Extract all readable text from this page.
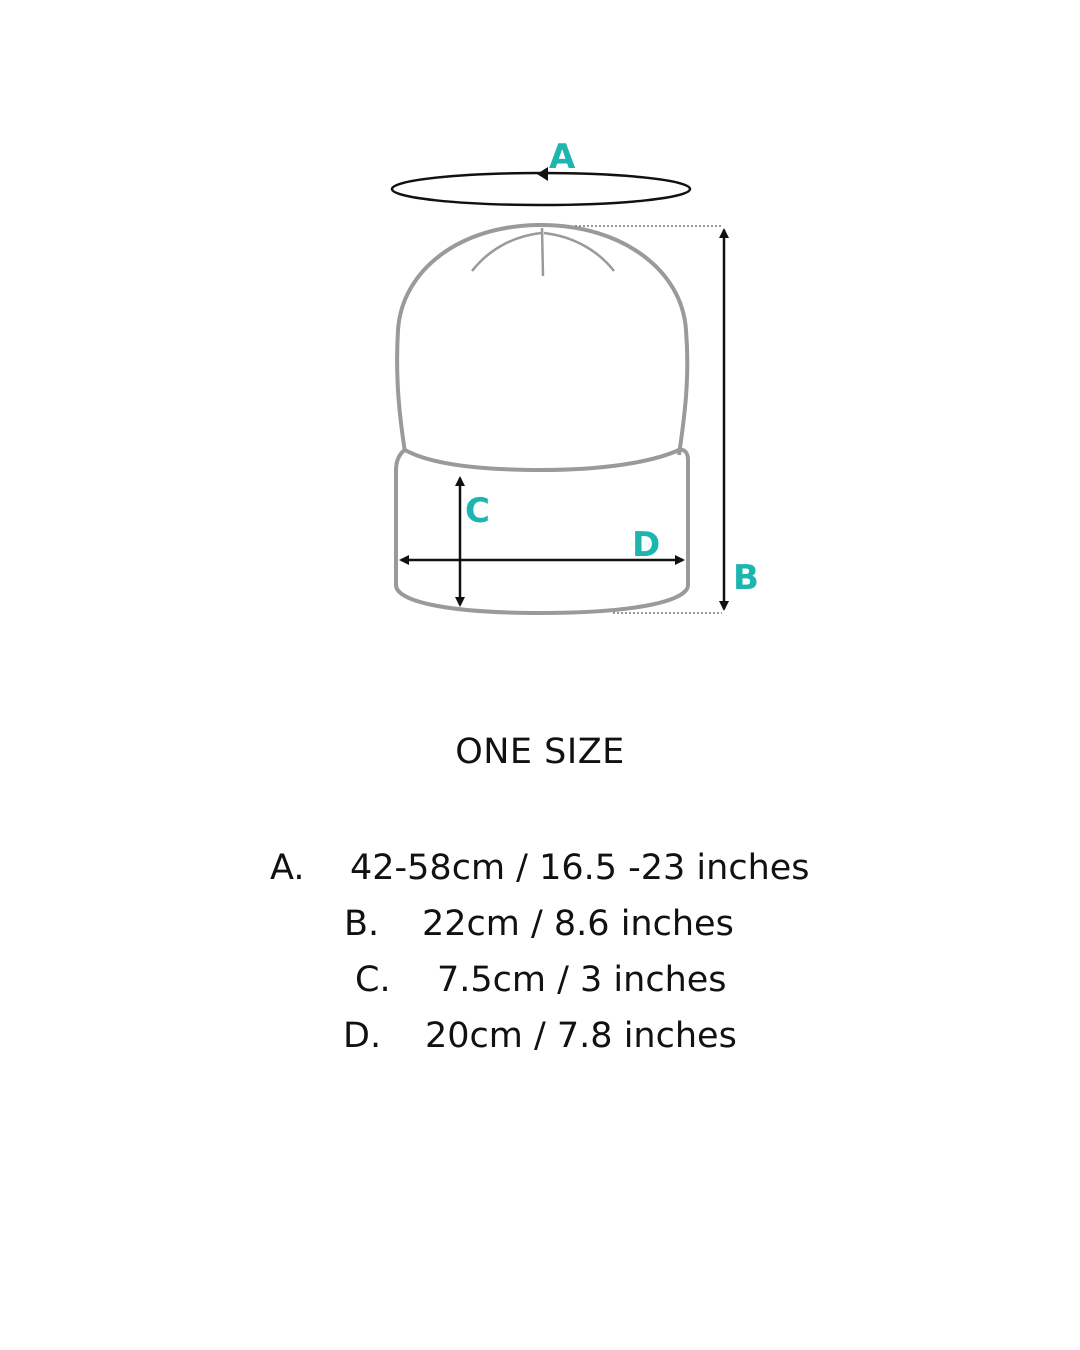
A
B
C
D
ONE SIZE
A. 42-58cm / 16.5 -23 inches
B. 22cm / 8.6 inches
C. 7.5cm / 3 inches
D. 20cm / 7.8 inches
